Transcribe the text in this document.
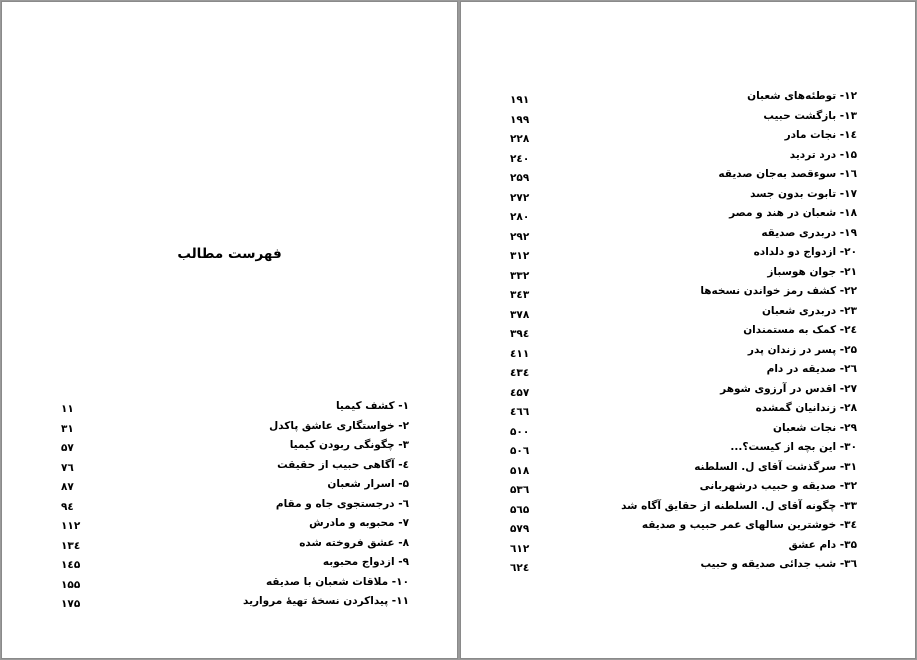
فهرست مطالب
۱- کشف کیمیا
۱۱
۲- خواستگاری عاشق پاکدل
۳۱
۳- چگونگی ربودن کیمیا
۵۷
٤- آگاهی حبیب از حقیقت
۷٦
۵- اسرار شعبان
۸۷
٦- درجستجوی جاه و مقام
۹٤
۷- محبوبه و مادرش
۱۱۲
۸- عشق فروخته شده
۱۳٤
۹- ازدواج محبوبه
۱٤۵
۱۰- ملاقات شعبان با صدیقه
۱۵۵
۱۱- پیداکردن نسخهٔ تهیهٔ مروارید
۱۷۵
۱۲- توطئه‌های شعبان
۱۹۱
۱۳- بازگشت حبیب
۱۹۹
۱٤- نجات مادر
۲۲۸
۱۵- درد تردید
۲٤۰
۱٦- سوءقصد به‌جان صدیقه
۲۵۹
۱۷- تابوت بدون جسد
۲۷۲
۱۸- شعبان در هند و مصر
۲۸۰
۱۹- دربدری صدیقه
۲۹۲
۲۰- ازدواج دو دلداده
۳۱۲
۲۱- جوان هوسباز
۳۳۲
۲۲- کشف رمز خواندن نسخه‌ها
۳٤۳
۲۳- دربدری شعبان
۳۷۸
۲٤- کمک به مستمندان
۳۹٤
۲۵- پسر در زندان پدر
٤۱۱
۲٦- صدیقه در دام
٤۳٤
۲۷- اقدس در آرزوی شوهر
٤۵۷
۲۸- زندانیان گمشده
٤٦٦
۲۹- نجات شعبان
۵۰۰
۳۰- این بچه از کیست؟...
۵۰٦
۳۱- سرگذشت آقای ل. السلطنه
۵۱۸
۳۲- صدیقه و حبیب درشهربانی
۵۳٦
۳۳- چگونه آقای ل. السلطنه از حقایق آگاه شد
۵٦۵
۳٤- خوشترین سالهای عمر حبیب و صدیقه
۵۷۹
۳۵- دام عشق
٦۱۲
۳٦- شب جدائی صدیقه و حبیب
٦۲٤
